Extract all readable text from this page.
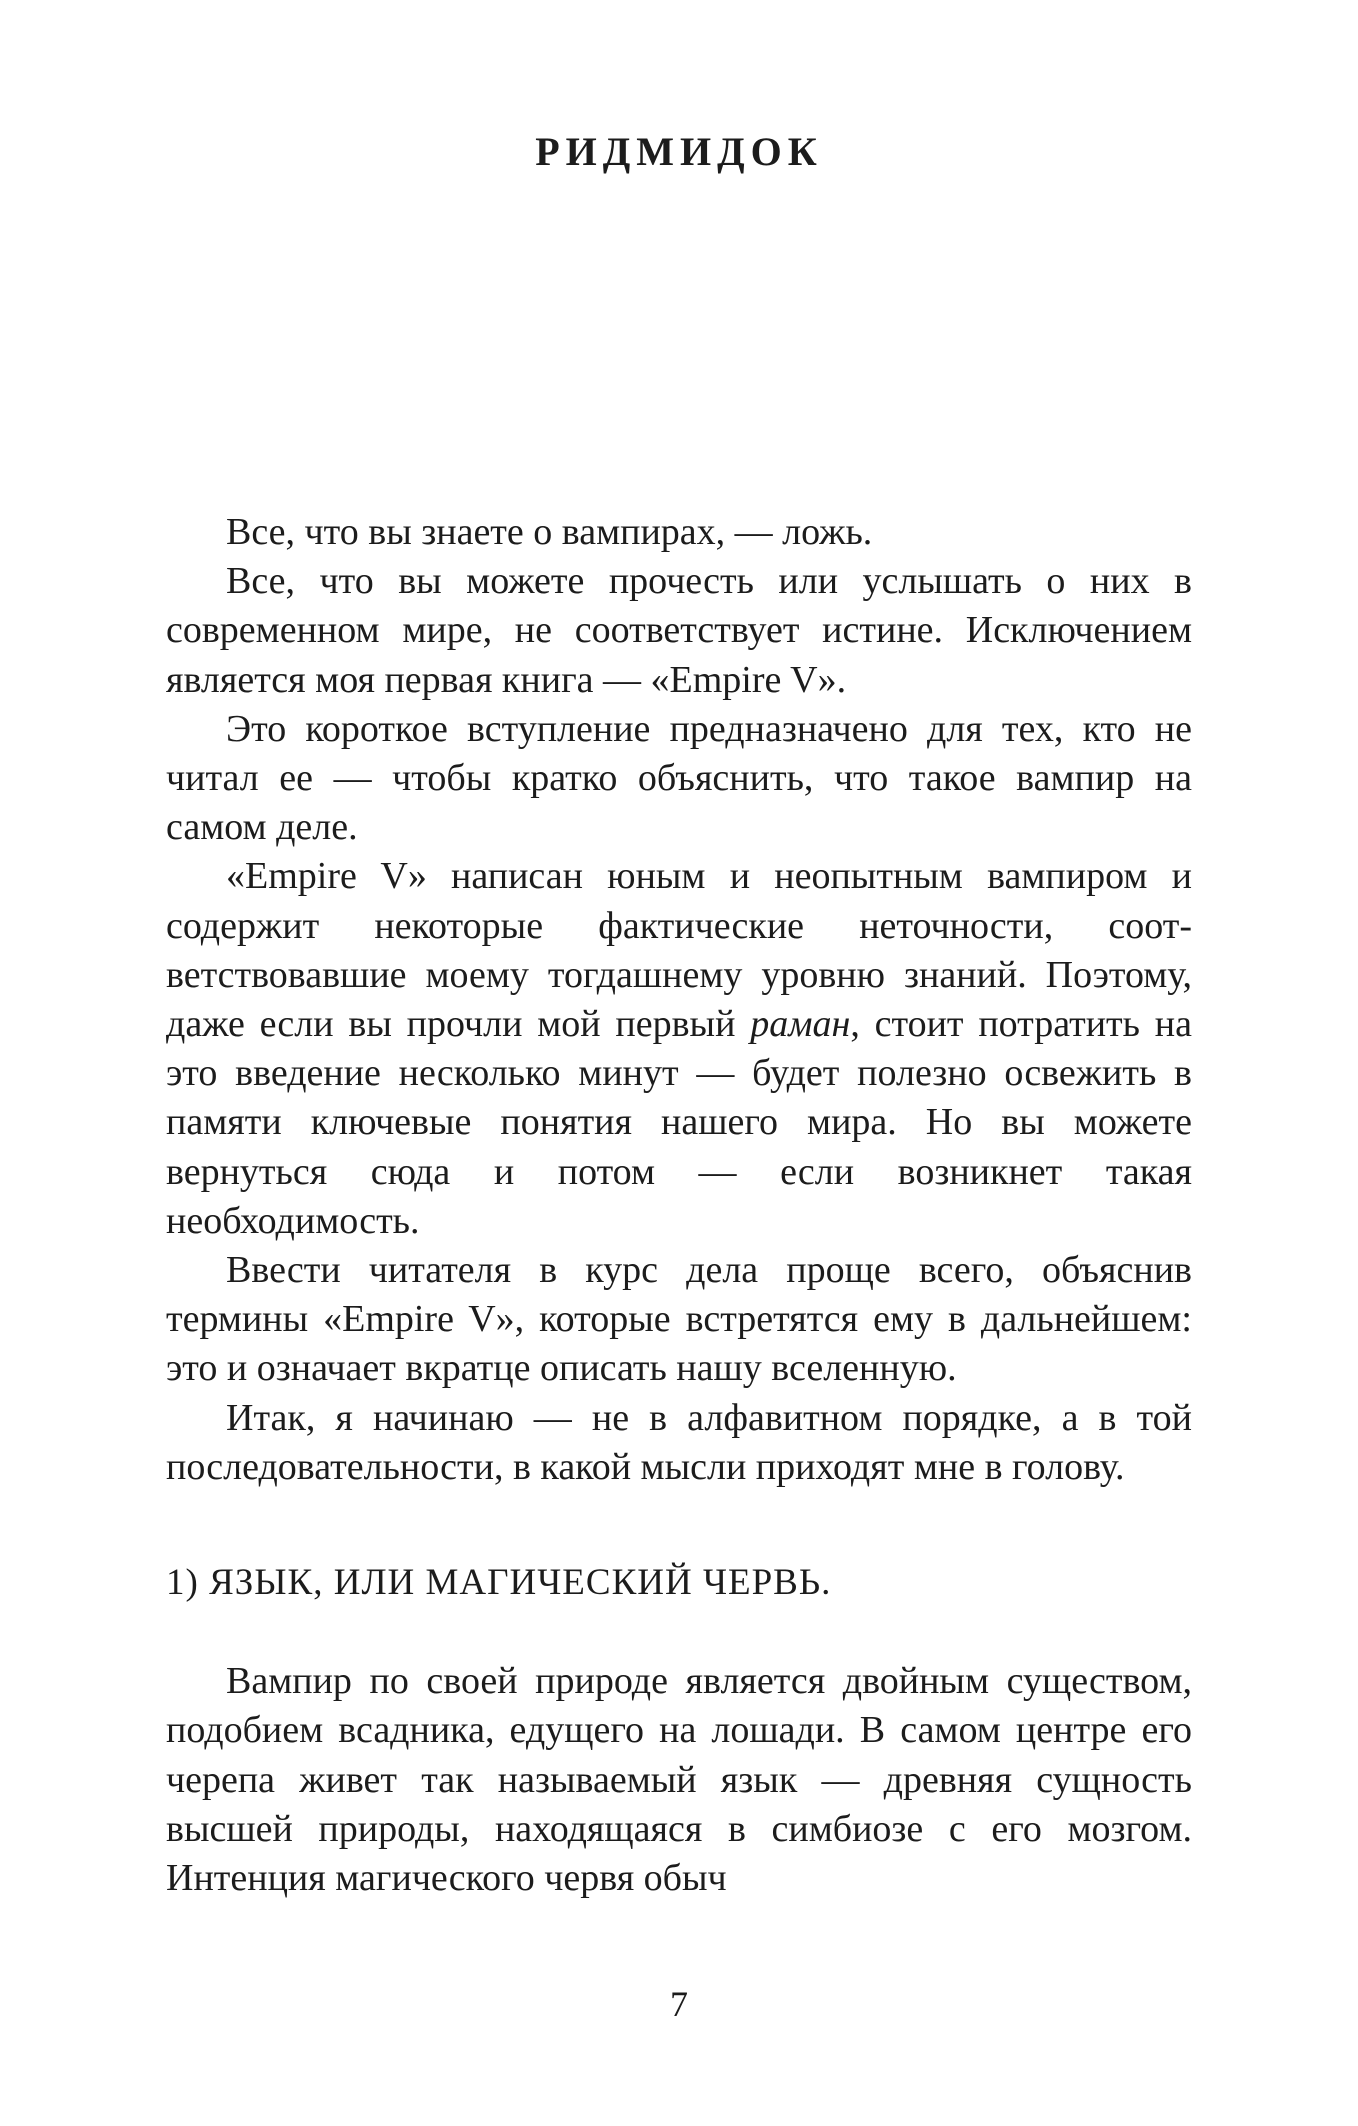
РИДМИДОК

Все, что вы знаете о вампирах, — ложь.

Все, что вы можете прочесть или услышать о них в современном мире, не соответствует истине. Исключением является моя первая книга — «Empire V».

Это короткое вступление предназначено для тех, кто не читал ее — чтобы кратко объяснить, что такое вампир на самом деле.

«Empire V» написан юным и неопытным вампиром и содержит некоторые фактические неточности, соответствовавшие моему тогдашнему уровню знаний. Поэтому, даже если вы прочли мой первый раман, стоит потратить на это введение несколько минут — будет полезно освежить в памяти ключевые понятия нашего мира. Но вы можете вернуться сюда и потом — если возникнет такая необходимость.

Ввести читателя в курс дела проще всего, объяснив термины «Empire V», которые встретятся ему в дальнейшем: это и означает вкратце описать нашу вселенную.

Итак, я начинаю — не в алфавитном порядке, а в той последовательности, в какой мысли приходят мне в голову.

1) ЯЗЫК, ИЛИ МАГИЧЕСКИЙ ЧЕРВЬ.

Вампир по своей природе является двойным существом, подобием всадника, едущего на лошади. В самом центре его черепа живет так называемый язык — древняя сущность высшей природы, находящаяся в симбиозе с его мозгом. Интенция магического червя обыч

7
